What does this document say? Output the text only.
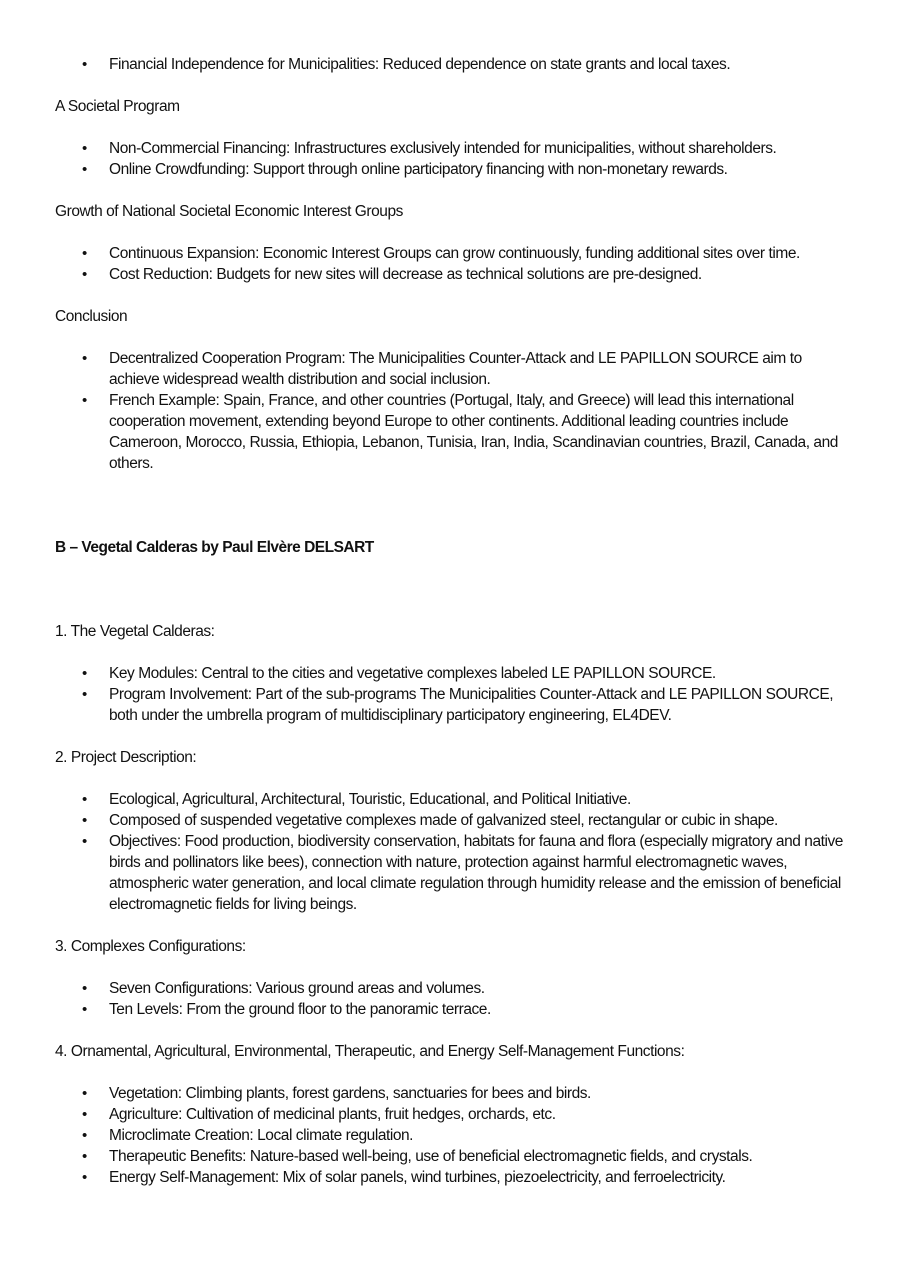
• Financial Independence for Municipalities: Reduced dependence on state grants and local taxes.

A Societal Program

• Non-Commercial Financing: Infrastructures exclusively intended for municipalities, without shareholders.
• Online Crowdfunding: Support through online participatory financing with non-monetary rewards.

Growth of National Societal Economic Interest Groups

• Continuous Expansion: Economic Interest Groups can grow continuously, funding additional sites over time.
• Cost Reduction: Budgets for new sites will decrease as technical solutions are pre-designed.

Conclusion

• Decentralized Cooperation Program: The Municipalities Counter-Attack and LE PAPILLON SOURCE aim to achieve widespread wealth distribution and social inclusion.
• French Example: Spain, France, and other countries (Portugal, Italy, and Greece) will lead this international cooperation movement, extending beyond Europe to other continents. Additional leading countries include Cameroon, Morocco, Russia, Ethiopia, Lebanon, Tunisia, Iran, India, Scandinavian countries, Brazil, Canada, and others.

B – Vegetal Calderas by Paul Elvère DELSART

1. The Vegetal Calderas:

• Key Modules: Central to the cities and vegetative complexes labeled LE PAPILLON SOURCE.
• Program Involvement: Part of the sub-programs The Municipalities Counter-Attack and LE PAPILLON SOURCE, both under the umbrella program of multidisciplinary participatory engineering, EL4DEV.

2. Project Description:

• Ecological, Agricultural, Architectural, Touristic, Educational, and Political Initiative.
• Composed of suspended vegetative complexes made of galvanized steel, rectangular or cubic in shape.
• Objectives: Food production, biodiversity conservation, habitats for fauna and flora (especially migratory and native birds and pollinators like bees), connection with nature, protection against harmful electromagnetic waves, atmospheric water generation, and local climate regulation through humidity release and the emission of beneficial electromagnetic fields for living beings.

3. Complexes Configurations:

• Seven Configurations: Various ground areas and volumes.
• Ten Levels: From the ground floor to the panoramic terrace.

4. Ornamental, Agricultural, Environmental, Therapeutic, and Energy Self-Management Functions:

• Vegetation: Climbing plants, forest gardens, sanctuaries for bees and birds.
• Agriculture: Cultivation of medicinal plants, fruit hedges, orchards, etc.
• Microclimate Creation: Local climate regulation.
• Therapeutic Benefits: Nature-based well-being, use of beneficial electromagnetic fields, and crystals.
• Energy Self-Management: Mix of solar panels, wind turbines, piezoelectricity, and ferroelectricity.
